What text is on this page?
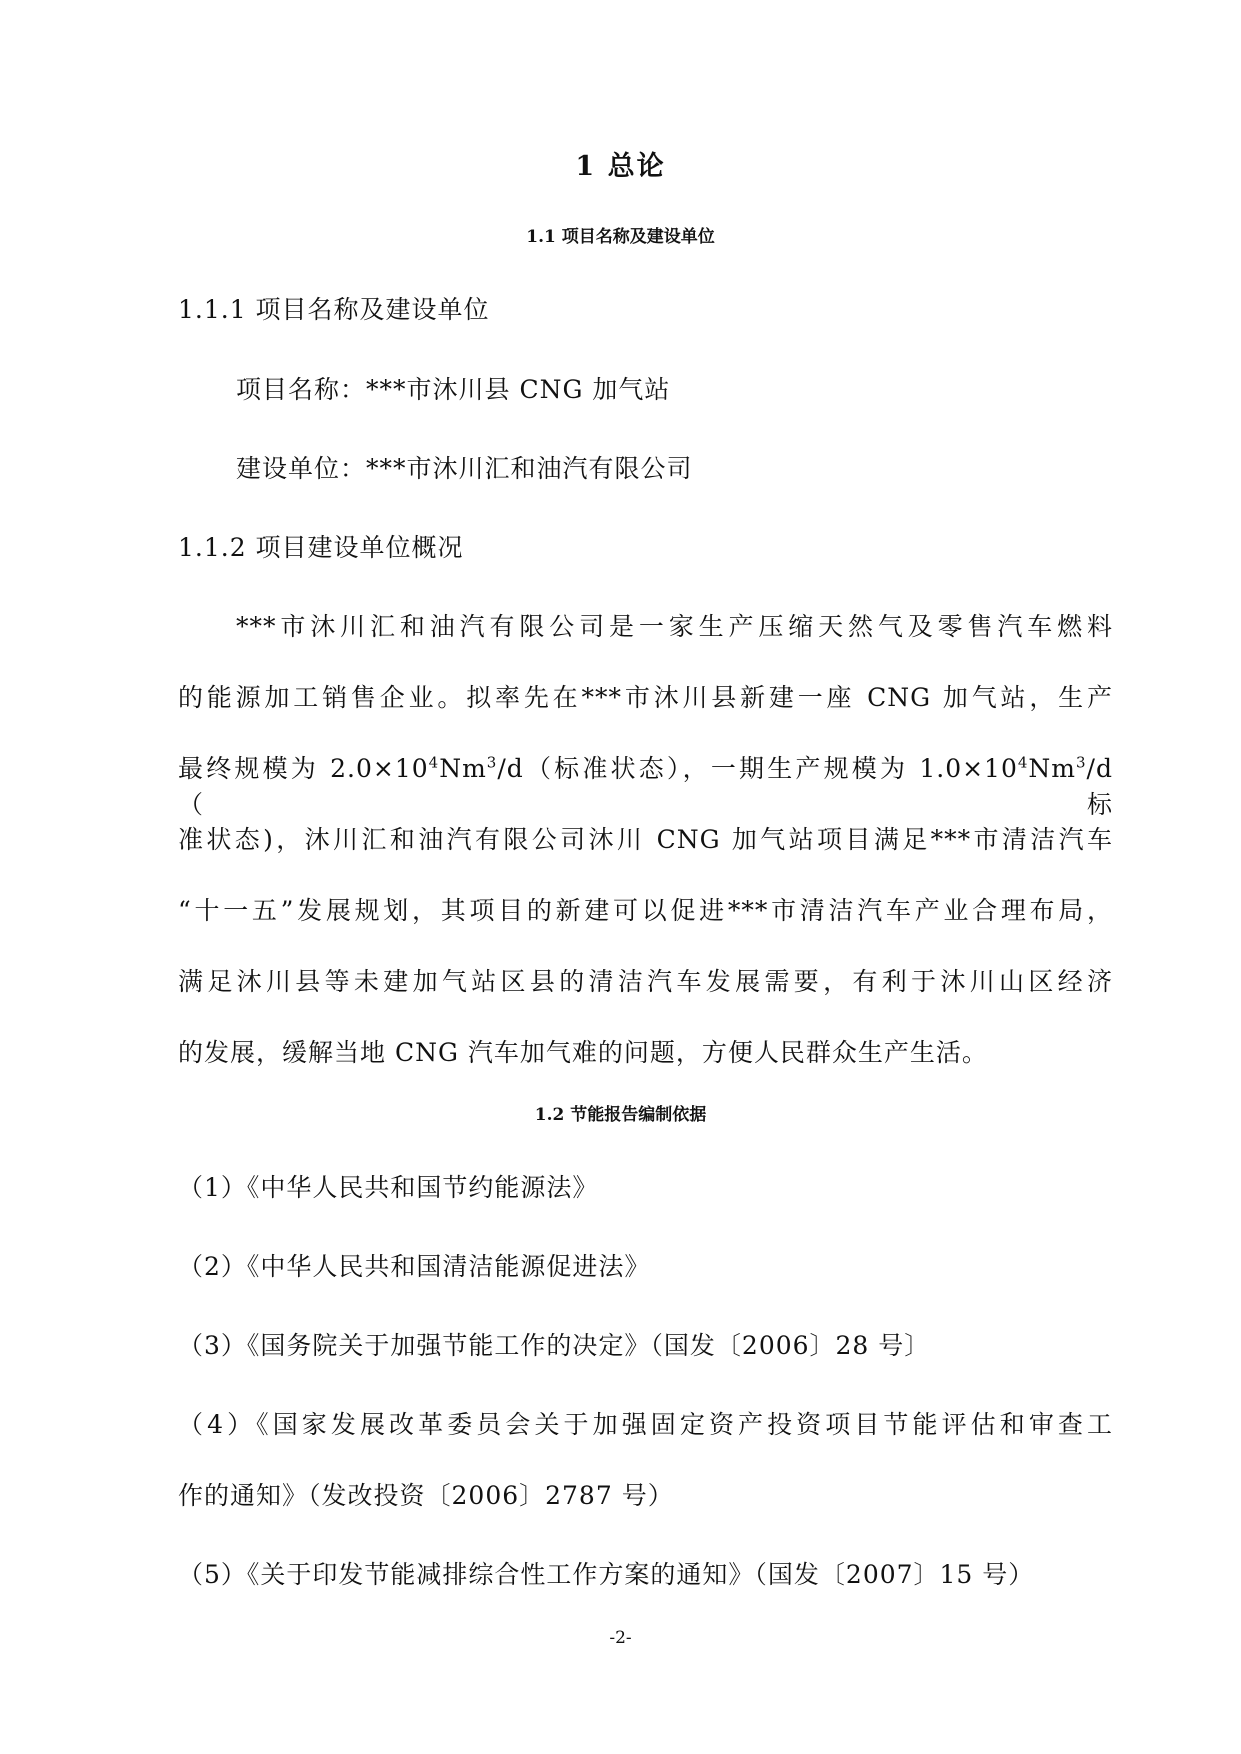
1 总论
1.1 项目名称及建设单位
1.1.1 项目名称及建设单位
项目名称：***市沐川县 CNG 加气站
建设单位：***市沐川汇和油汽有限公司
1.1.2 项目建设单位概况
***市沐川汇和油汽有限公司是一家生产压缩天然气及零售汽车燃料
的能源加工销售企业。拟率先在***市沐川县新建一座 CNG 加气站，生产
最终规模为 $2.0\times 10^4Nm^3/d$（标准状态），一期生产规模为 $1.0\times 10^4Nm^3/d$（标
准状态)，沐川汇和油汽有限公司沐川 CNG 加气站项目满足***市清洁汽车
“十一五”发展规划，其项目的新建可以促进***市清洁汽车产业合理布局，
满足沐川县等未建加气站区县的清洁汽车发展需要，有利于沐川山区经济
的发展，缓解当地 CNG 汽车加气难的问题，方便人民群众生产生活。
1.2 节能报告编制依据
（1）《中华人民共和国节约能源法》
（2）《中华人民共和国清洁能源促进法》
（3）《国务院关于加强节能工作的决定》（国发〔2006〕28 号〕
（4）《国家发展改革委员会关于加强固定资产投资项目节能评估和审查工
作的通知》（发改投资〔2006〕2787 号）
（5）《关于印发节能减排综合性工作方案的通知》（国发〔2007〕15 号）
-2-
